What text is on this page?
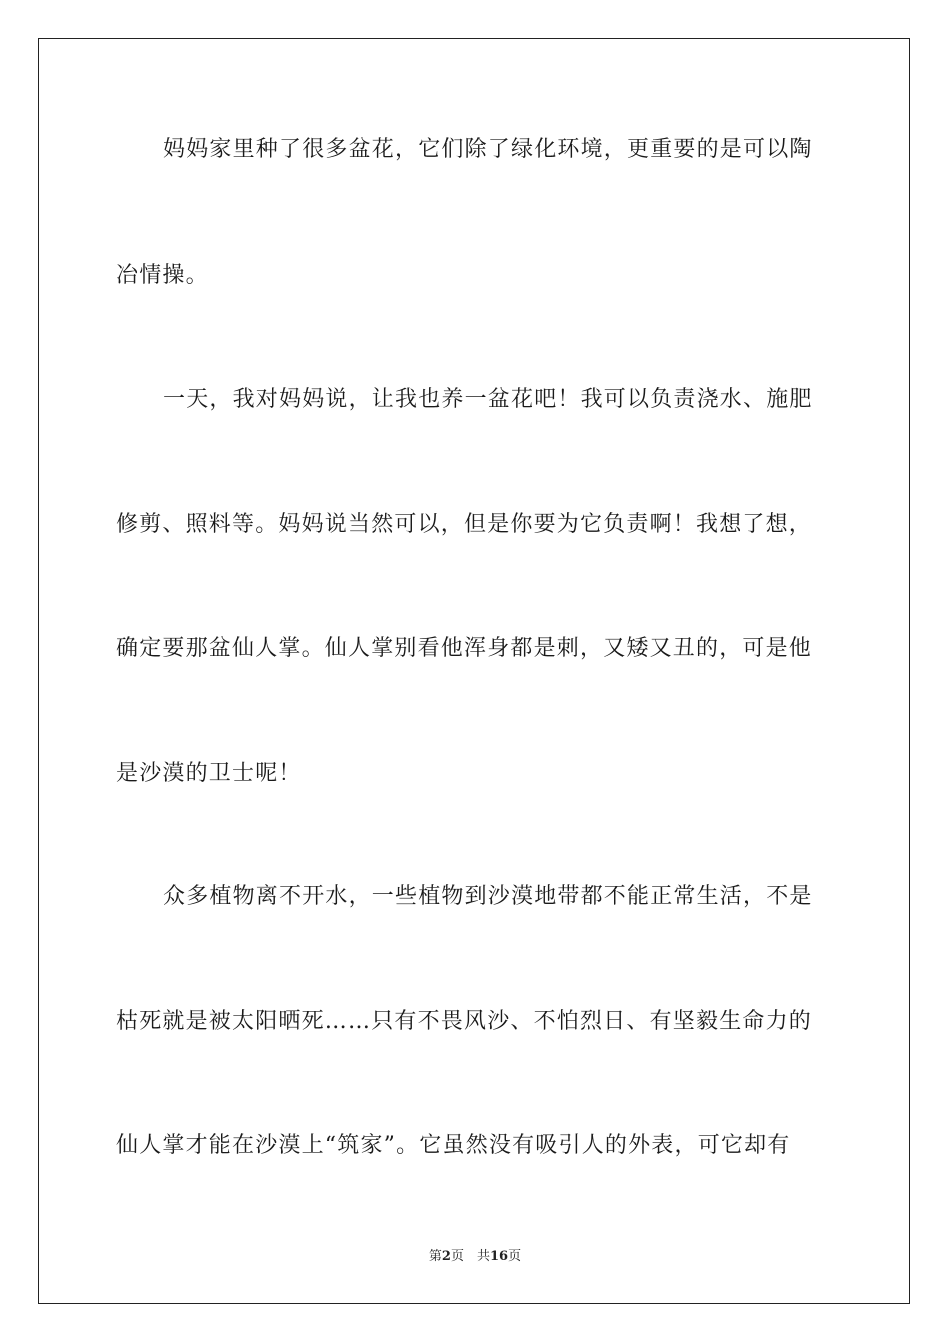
妈妈家里种了很多盆花，它们除了绿化环境，更重要的是可以陶
冶情操。
一天，我对妈妈说，让我也养一盆花吧！我可以负责浇水、施肥
修剪、照料等。妈妈说当然可以，但是你要为它负责啊！我想了想，
确定要那盆仙人掌。仙人掌别看他浑身都是刺，又矮又丑的，可是他
是沙漠的卫士呢！
众多植物离不开水，一些植物到沙漠地带都不能正常生活，不是
枯死就是被太阳晒死……只有不畏风沙、不怕烈日、有坚毅生命力的
仙人掌才能在沙漠上“筑家”。它虽然没有吸引人的外表，可它却有
第2页　共16页
